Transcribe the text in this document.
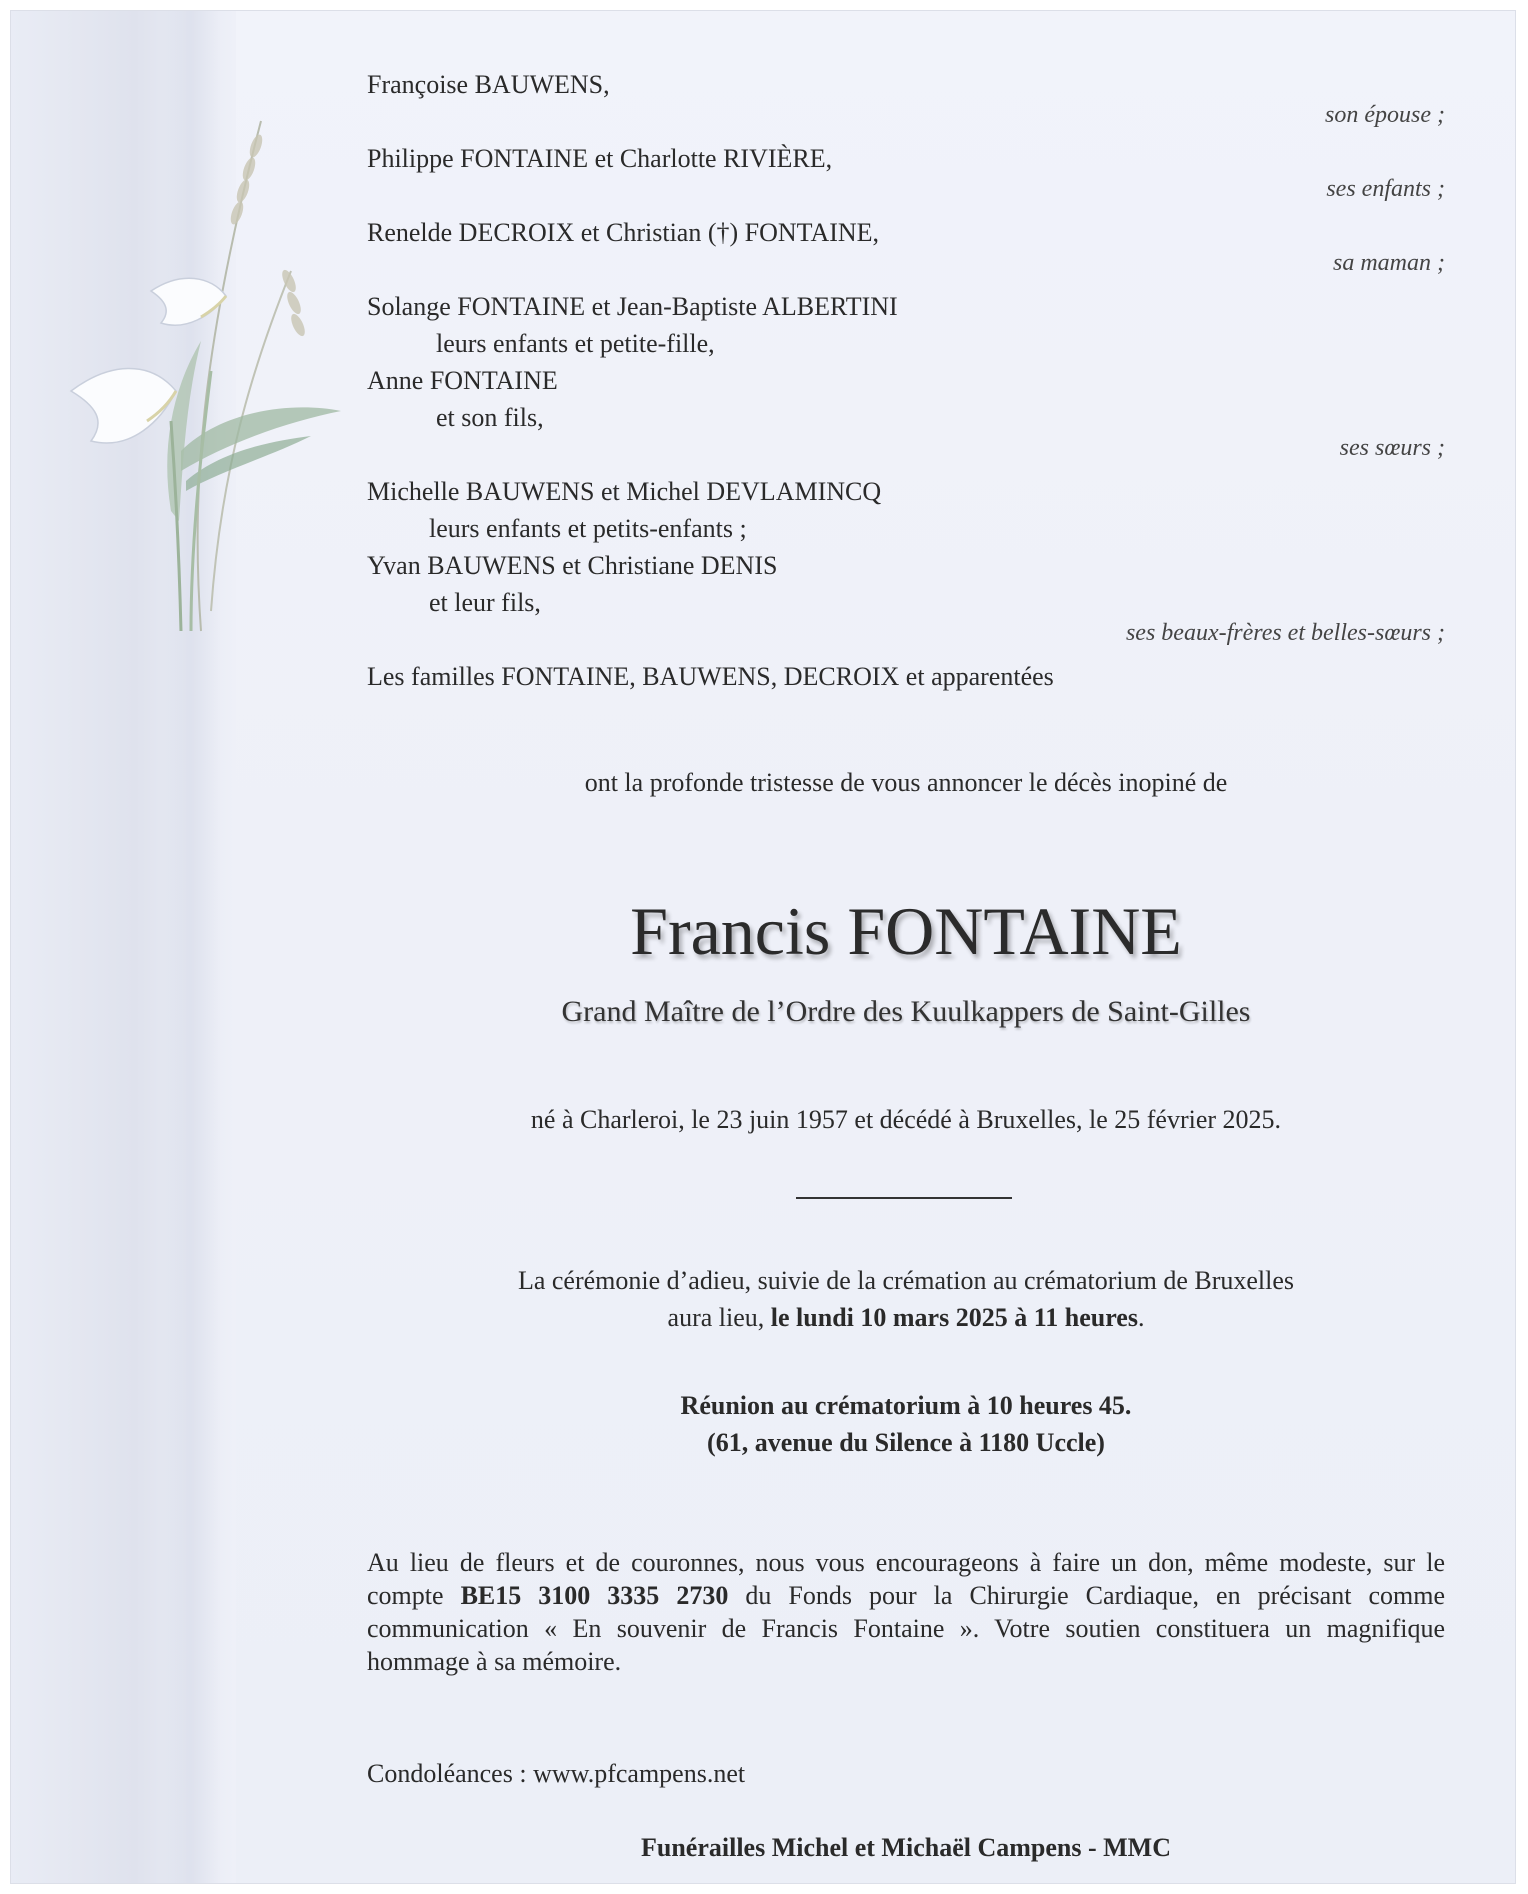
Françoise BAUWENS,
son épouse ;
Philippe FONTAINE et Charlotte RIVIÈRE,
ses enfants ;
Renelde DECROIX et Christian (†) FONTAINE,
sa maman ;
Solange FONTAINE et Jean-Baptiste ALBERTINI
leurs enfants et petite-fille,
Anne FONTAINE
et son fils,
ses sœurs ;
Michelle BAUWENS et Michel DEVLAMINCQ
leurs enfants et petits-enfants ;
Yvan BAUWENS et Christiane DENIS
et leur fils,
ses beaux-frères et belles-sœurs ;
Les familles FONTAINE, BAUWENS, DECROIX et apparentées
ont la profonde tristesse de vous annoncer le décès inopiné de
Francis FONTAINE
Grand Maître de l’Ordre des Kuulkappers de Saint-Gilles
né à Charleroi, le 23 juin 1957 et décédé à Bruxelles, le 25 février 2025.
La cérémonie d’adieu, suivie de la crémation au crématorium de Bruxelles
aura lieu, le lundi 10 mars 2025 à 11 heures.
Réunion au crématorium à 10 heures 45.
(61, avenue du Silence à 1180 Uccle)
Au lieu de fleurs et de couronnes, nous vous encourageons à faire un don, même modeste, sur le compte BE15 3100 3335 2730 du Fonds pour la Chirurgie Cardiaque, en précisant comme communication « En souvenir de Francis Fontaine ». Votre soutien constituera un magnifique hommage à sa mémoire.
Condoléances : www.pfcampens.net
Funérailles Michel et Michaël Campens - MMC
